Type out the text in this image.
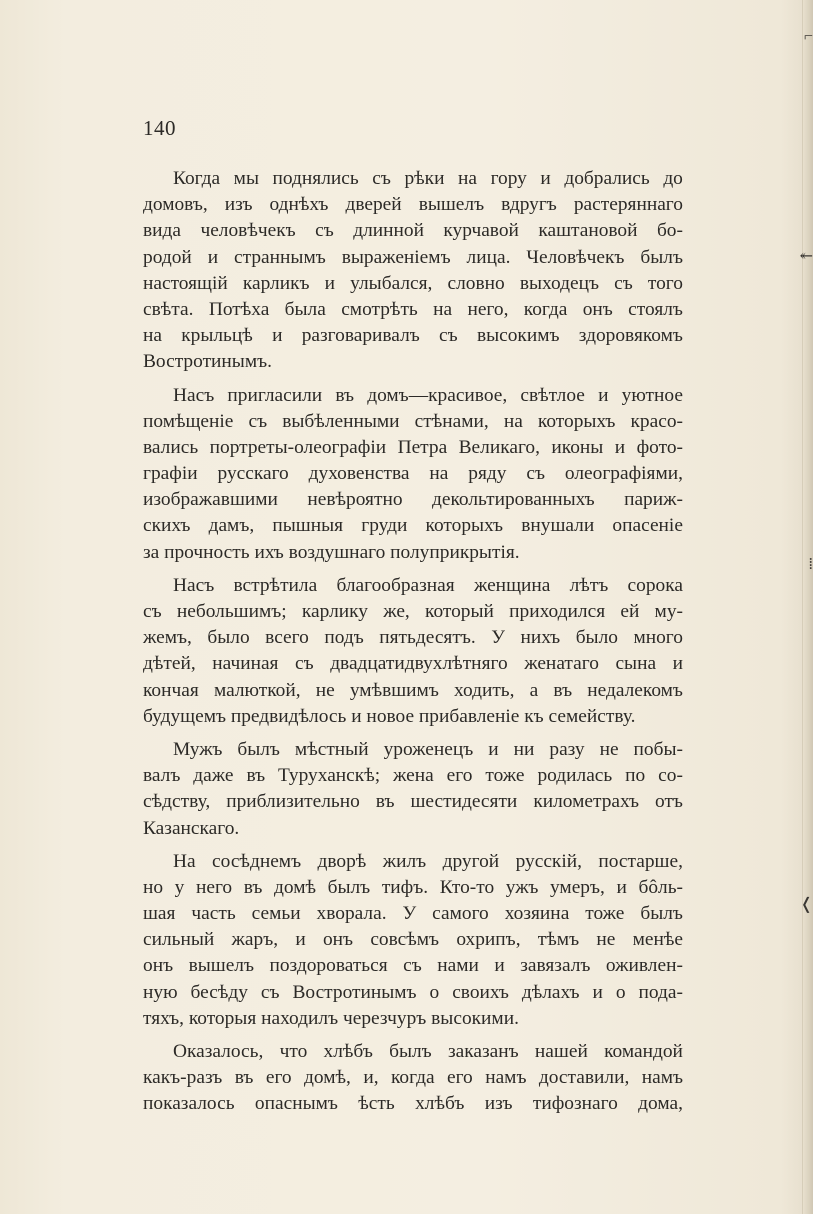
140
Когда мы поднялись съ рѣки на гору и добрались до
домовъ, изъ однѣхъ дверей вышелъ вдругъ растеряннаго
вида человѣчекъ съ длинной курчавой каштановой бо-
родой и страннымъ выраженіемъ лица. Человѣчекъ былъ
настоящій карликъ и улыбался, словно выходецъ съ того
свѣта. Потѣха была смотрѣть на него, когда онъ стоялъ
на крыльцѣ и разговаривалъ съ высокимъ здоровякомъ
Востротинымъ.
Насъ пригласили въ домъ—красивое, свѣтлое и уютное
помѣщеніе съ выбѣленными стѣнами, на которыхъ красо-
вались портреты-олеографіи Петра Великаго, иконы и фото-
графіи русскаго духовенства на ряду съ олеографіями,
изображавшими невѣроятно декольтированныхъ париж-
скихъ дамъ, пышныя груди которыхъ внушали опасеніе
за прочность ихъ воздушнаго полуприкрытія.
Насъ встрѣтила благообразная женщина лѣтъ сорока
съ небольшимъ; карлику же, который приходился ей му-
жемъ, было всего подъ пятьдесятъ. У нихъ было много
дѣтей, начиная съ двадцатидвухлѣтняго женатаго сына и
кончая малюткой, не умѣвшимъ ходить, а въ недалекомъ
будущемъ предвидѣлось и новое прибавленіе къ семейству.
Мужъ былъ мѣстный уроженецъ и ни разу не побы-
валъ даже въ Туруханскѣ; жена его тоже родилась по со-
сѣдству, приблизительно въ шестидесяти километрахъ отъ
Казанскаго.
На сосѣднемъ дворѣ жилъ другой русскій, постарше,
но у него въ домѣ былъ тифъ. Кто-то ужъ умеръ, и бôль-
шая часть семьи хворала. У самого хозяина тоже былъ
сильный жаръ, и онъ совсѣмъ охрипъ, тѣмъ не менѣе
онъ вышелъ поздороваться съ нами и завязалъ оживлен-
ную бесѣду съ Востротинымъ о своихъ дѣлахъ и о пода-
тяхъ, которыя находилъ черезчуръ высокими.
Оказалось, что хлѣбъ былъ заказанъ нашей командой
какъ-разъ въ его домѣ, и, когда его намъ доставили, намъ
показалось опаснымъ ѣсть хлѣбъ изъ тифознаго дома,
⌐
↞
⁞
❬
